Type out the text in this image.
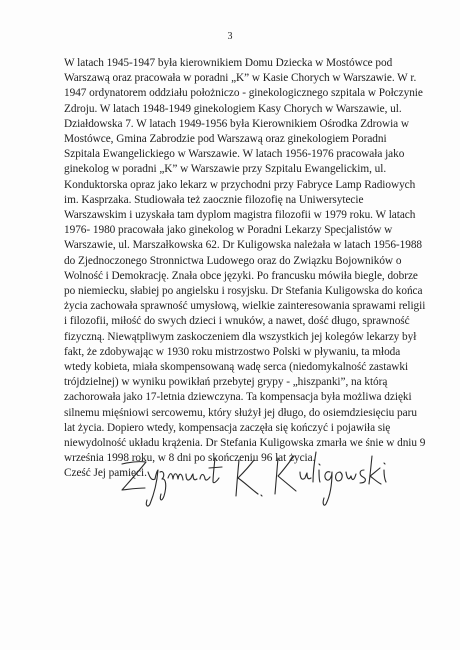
3
W latach 1945-1947 była kierownikiem Domu Dziecka w Mostówce pod
Warszawą oraz pracowała w poradni „K” w Kasie Chorych w Warszawie. W r.
1947 ordynatorem oddziału położniczo - ginekologicznego szpitala w Połczynie
Zdroju. W latach 1948-1949 ginekologiem Kasy Chorych w Warszawie, ul.
Działdowska 7. W latach 1949-1956 była Kierownikiem Ośrodka Zdrowia w
Mostówce, Gmina Zabrodzie pod Warszawą oraz ginekologiem Poradni
Szpitala Ewangelickiego w Warszawie. W latach 1956-1976 pracowała jako
ginekolog w poradni „K” w Warszawie przy Szpitalu Ewangelickim, ul.
Konduktorska opraz jako lekarz w przychodni przy Fabryce Lamp Radiowych
im. Kasprzaka. Studiowała też zaocznie filozofię na Uniwersytecie
Warszawskim i uzyskała tam dyplom magistra filozofii w 1979 roku. W latach
1976- 1980 pracowała jako ginekolog w Poradni Lekarzy Specjalistów w
Warszawie, ul. Marszałkowska 62. Dr Kuligowska należała w latach 1956-1988
do Zjednoczonego Stronnictwa Ludowego oraz do Związku Bojowników o
Wolność i Demokrację. Znała obce języki. Po francusku mówiła biegle, dobrze
po niemiecku, słabiej po angielsku i rosyjsku. Dr Stefania Kuligowska do końca
życia zachowała sprawność umysłową, wielkie zainteresowania sprawami religii
i filozofii, miłość do swych dzieci i wnuków, a nawet, dość długo, sprawność
fizyczną. Niewątpliwym zaskoczeniem dla wszystkich jej kolegów lekarzy był
fakt, że zdobywając w 1930 roku mistrzostwo Polski w pływaniu, ta młoda
wtedy kobieta, miała skompensowaną wadę serca (niedomykalność zastawki
trójdzielnej) w wyniku powikłań przebytej grypy - „hiszpanki”, na którą
zachorowała jako 17-letnia dziewczyna. Ta kompensacja była możliwa dzięki
silnemu mięśniowi sercowemu, który służył jej długo, do osiemdziesięciu paru
lat życia. Dopiero wtedy, kompensacja zaczęła się kończyć i pojawiła się
niewydolność układu krążenia. Dr Stefania Kuligowska zmarła we śnie w dniu 9
września 1998 roku, w 8 dni po skończeniu 96 lat życia.
Cześć Jej pamięci.
